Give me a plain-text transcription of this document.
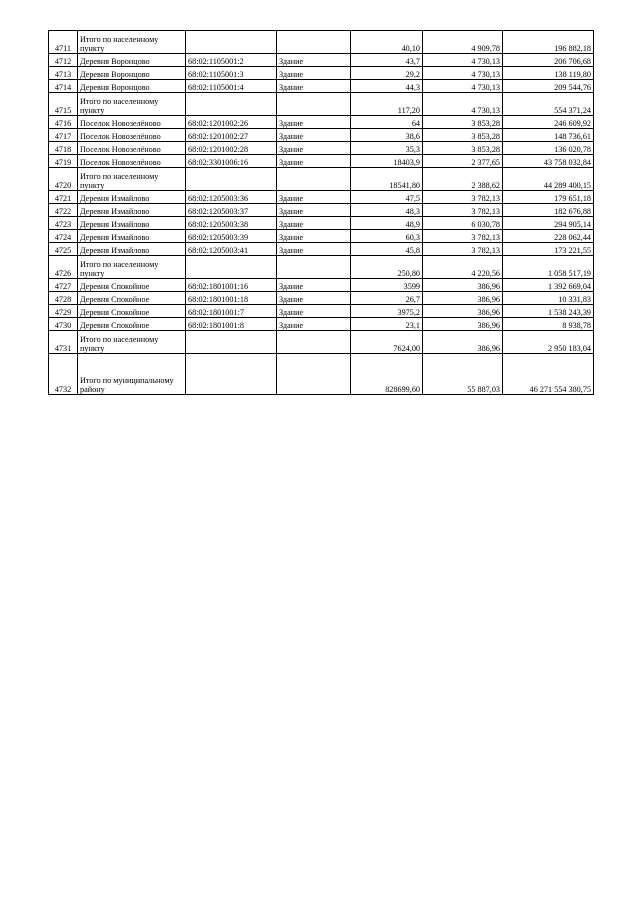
4711	Итого по населенному пункту			40,10	4 909,78	196 882,18
4712	Деревня Воронцово	68:02:1105001:2	Здание	43,7	4 730,13	206 706,68
4713	Деревня Воронцово	68:02:1105001:3	Здание	29,2	4 730,13	138 119,80
4714	Деревня Воронцово	68:02:1105001:4	Здание	44,3	4 730,13	209 544,76
4715	Итого по населенному пункту			117,20	4 730,13	554 371,24
4716	Поселок Новозелёново	68:02:1201002:26	Здание	64	3 853,28	246 609,92
4717	Поселок Новозелёново	68:02:1201002:27	Здание	38,6	3 853,28	148 736,61
4718	Поселок Новозелёново	68:02:1201002:28	Здание	35,3	3 853,28	136 020,78
4719	Поселок Новозелёново	68:02:3301006:16	Здание	18403,9	2 377,65	43 758 032,84
4720	Итого по населенному пункту			18541,80	2 388,62	44 289 400,15
4721	Деревня Измайлово	68:02:1205003:36	Здание	47,5	3 782,13	179 651,18
4722	Деревня Измайлово	68:02:1205003:37	Здание	48,3	3 782,13	182 676,88
4723	Деревня Измайлово	68:02:1205003:38	Здание	48,9	6 030,78	294 905,14
4724	Деревня Измайлово	68:02:1205003:39	Здание	60,3	3 782,13	228 062,44
4725	Деревня Измайлово	68:02:1205003:41	Здание	45,8	3 782,13	173 221,55
4726	Итого по населенному пункту			250,80	4 220,56	1 058 517,19
4727	Деревня Спокойное	68:02:1801001:16	Здание	3599	386,96	1 392 669,04
4728	Деревня Спокойное	68:02:1801001:18	Здание	26,7	386,96	10 331,83
4729	Деревня Спокойное	68:02:1801001:7	Здание	3975,2	386,96	1 538 243,39
4730	Деревня Спокойное	68:02:1801001:8	Здание	23,1	386,96	8 938,78
4731	Итого по населенному пункту			7624,00	386,96	2 950 183,04
4732	Итого по муниципальному району			828699,60	55 887,03	46 271 554 380,75
